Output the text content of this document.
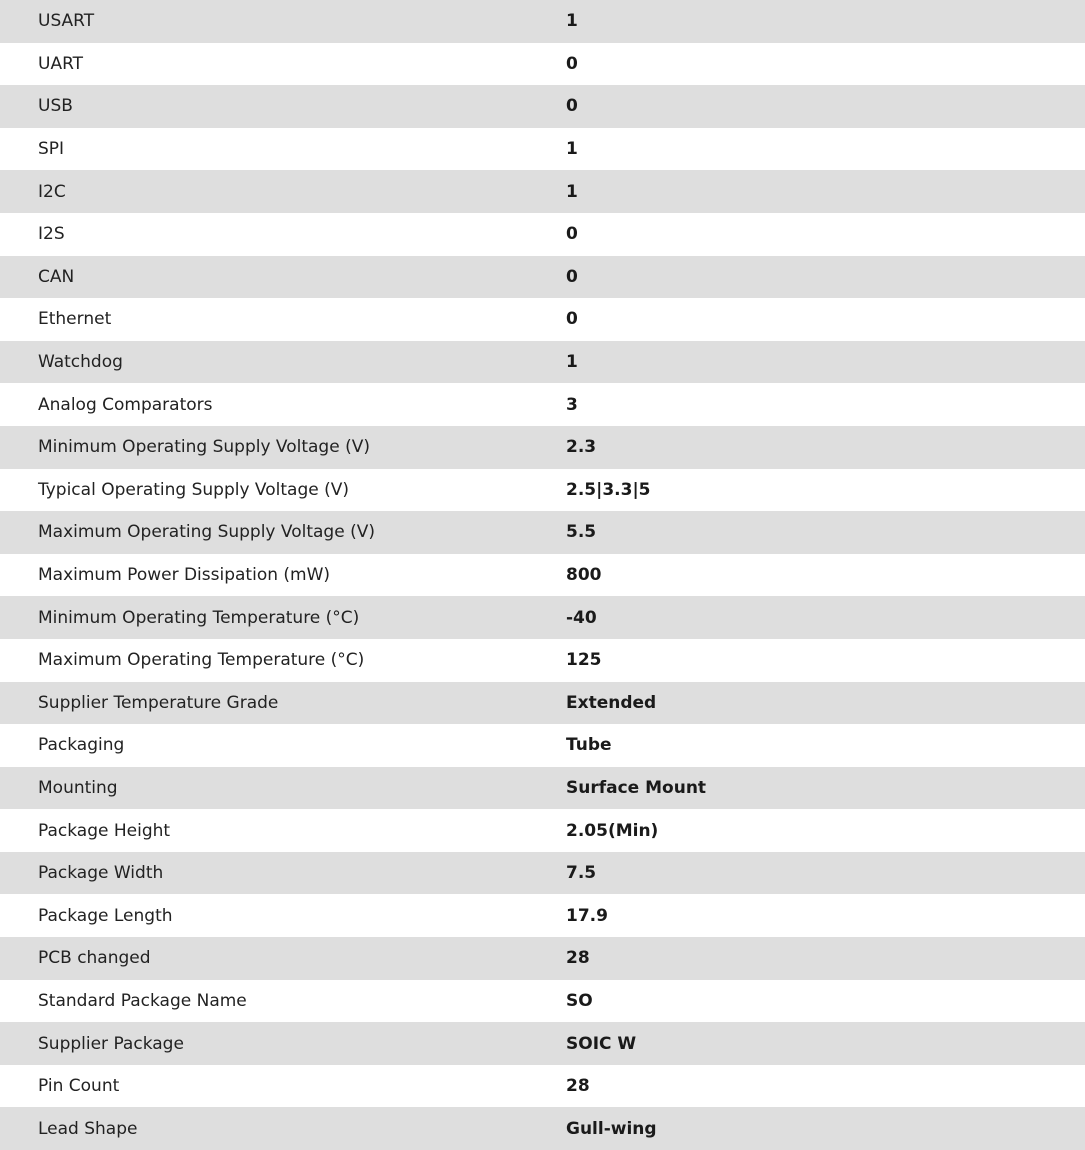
USART	1
UART	0
USB	0
SPI	1
I2C	1
I2S	0
CAN	0
Ethernet	0
Watchdog	1
Analog Comparators	3
Minimum Operating Supply Voltage (V)	2.3
Typical Operating Supply Voltage (V)	2.5|3.3|5
Maximum Operating Supply Voltage (V)	5.5
Maximum Power Dissipation (mW)	800
Minimum Operating Temperature (°C)	-40
Maximum Operating Temperature (°C)	125
Supplier Temperature Grade	Extended
Packaging	Tube
Mounting	Surface Mount
Package Height	2.05(Min)
Package Width	7.5
Package Length	17.9
PCB changed	28
Standard Package Name	SO
Supplier Package	SOIC W
Pin Count	28
Lead Shape	Gull-wing
